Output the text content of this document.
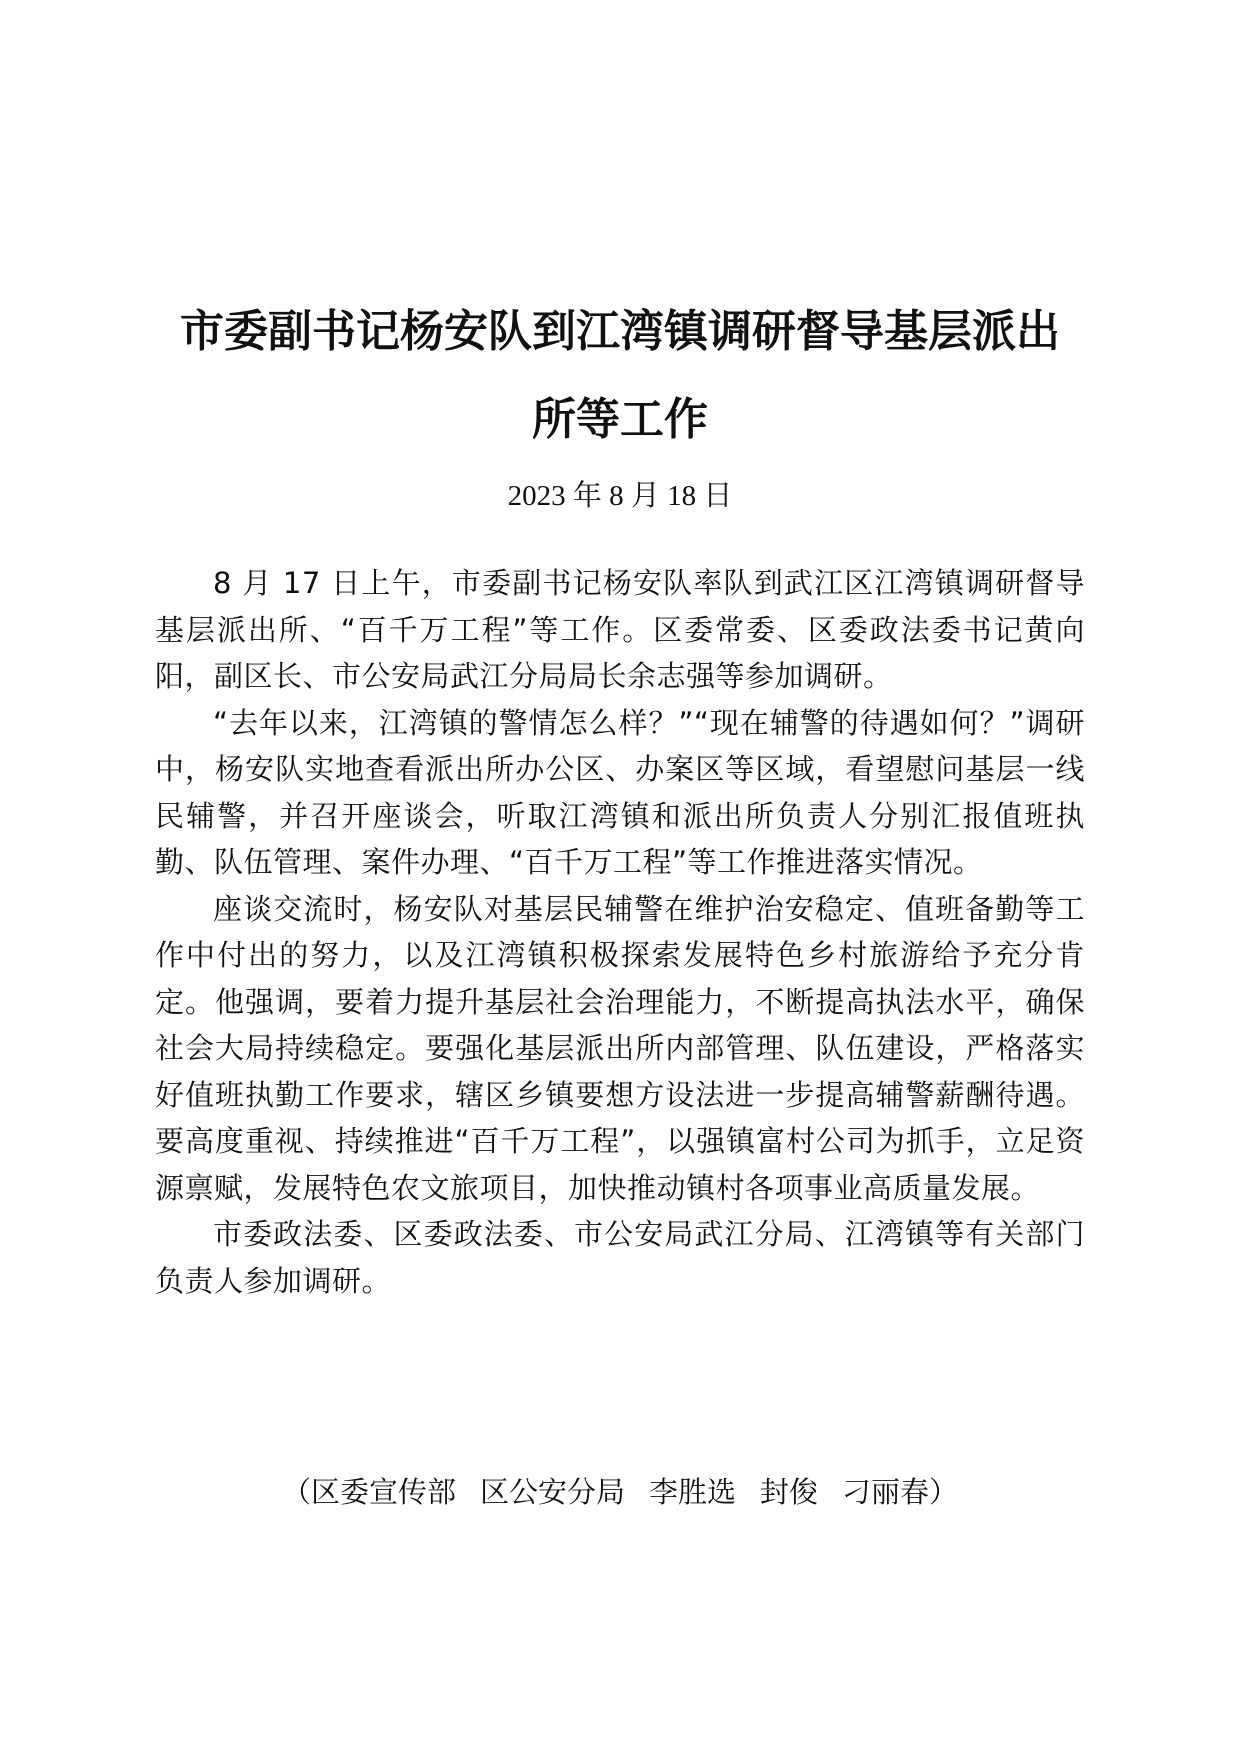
市委副书记杨安队到江湾镇调研督导基层派出
所等工作
2023 年 8 月 18 日

8 月 17 日上午，市委副书记杨安队率队到武江区江湾镇调研督导基层派出所、“百千万工程”等工作。区委常委、区委政法委书记黄向阳，副区长、市公安局武江分局局长余志强等参加调研。

“去年以来，江湾镇的警情怎么样？”“现在辅警的待遇如何？”调研中，杨安队实地查看派出所办公区、办案区等区域，看望慰问基层一线民辅警，并召开座谈会，听取江湾镇和派出所负责人分别汇报值班执勤、队伍管理、案件办理、“百千万工程”等工作推进落实情况。

座谈交流时，杨安队对基层民辅警在维护治安稳定、值班备勤等工作中付出的努力，以及江湾镇积极探索发展特色乡村旅游给予充分肯定。他强调，要着力提升基层社会治理能力，不断提高执法水平，确保社会大局持续稳定。要强化基层派出所内部管理、队伍建设，严格落实好值班执勤工作要求，辖区乡镇要想方设法进一步提高辅警薪酬待遇。要高度重视、持续推进“百千万工程”，以强镇富村公司为抓手，立足资源禀赋，发展特色农文旅项目，加快推动镇村各项事业高质量发展。

市委政法委、区委政法委、市公安局武江分局、江湾镇等有关部门负责人参加调研。

（区委宣传部 区公安分局 李胜选 封俊 刁丽春）
